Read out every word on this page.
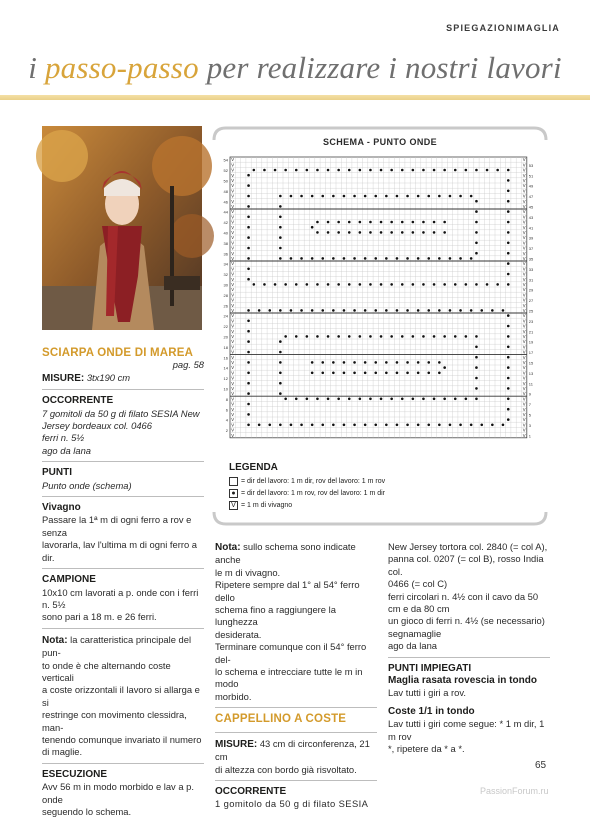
SPIEGAZIONIMAGLIA
i passo-passo per realizzare i nostri lavori
SCIARPA ONDE DI MAREA
pag. 58
MISURE: 3tx190 cm
OCCORRENTE
7 gomitoli da 50 g di filato SESIA New
Jersey bordeaux col. 0466
ferri n. 5½
ago da lana
PUNTI
Punto onde (schema)
Vivagno
Passare la 1ª m di ogni ferro a rov e senza
lavorarla, lav l'ultima m di ogni ferro a dir.
CAMPIONE
10x10 cm lavorati a p. onde con i ferri n. 5½
sono pari a 18 m. e 26 ferri.
Nota: la caratteristica principale del pun-
to onde è che alternando coste verticali
a coste orizzontali il lavoro si allarga e si
restringe con movimento clessidra, man-
tenendo comunque invariato il numero
di maglie.
ESECUZIONE
Avv 56 m in modo morbido e lav a p. onde
seguendo lo schema.
SCHEMA - PUNTO ONDE
54
52
50
48
46
44
42
40
38
36
34
32
30
28
26
24
22
20
18
16
14
12
10
8
6
4
2
53
51
49
47
45
43
41
39
37
35
33
31
29
27
25
23
21
19
17
15
13
11
9
7
5
3
1
V	V
V	V
V	V
V	V
V	V
V	V
V	V
V	V
V	V
V	V
V	V
V	V
V	V
V	V
V	V
V	V
V	V
V	V
V	V
V	V
V	V
V	V
V	V
V	V
V	V
V	V
V	V
V	V
V	V
V	V
V	V
V	V
V	V
V	V
V	V
V	V
V	V
V	V
V	V
V	V
V	V
V	V
V	V
V	V
V	V
V	V
V	V
V	V
V	V
V	V
V	V
V	V
V	V
V	V
LEGENDA
= dir del lavoro: 1 m dir, rov del lavoro: 1 m rov
● = dir del lavoro: 1 m rov, rov del lavoro: 1 m dir
V = 1 m di vivagno
Nota: sullo schema sono indicate anche
le m di vivagno.
Ripetere sempre dal 1° al 54° ferro dello
schema fino a raggiungere la lunghezza
desiderata.
Terminare comunque con il 54° ferro del-
lo schema e intrecciare tutte le m in modo
morbido.
CAPPELLINO A COSTE
MISURE: 43 cm di circonferenza, 21 cm
di altezza con bordo già risvoltato.
OCCORRENTE
1 gomitolo da 50 g di filato SESIA
New Jersey tortora col. 2840 (= col A),
panna col. 0207 (= col B), rosso India col.
0466 (= col C)
ferri circolari n. 4½ con il cavo da 50
cm e da 80 cm
un gioco di ferri n. 4½ (se necessario)
segnamaglie
ago da lana
PUNTI IMPIEGATI
Maglia rasata rovescia in tondo
Lav tutti i giri a rov.
Coste 1/1 in tondo
Lav tutti i giri come segue: * 1 m dir, 1 m rov
*, ripetere da * a *.
65
PassionForum.ru
